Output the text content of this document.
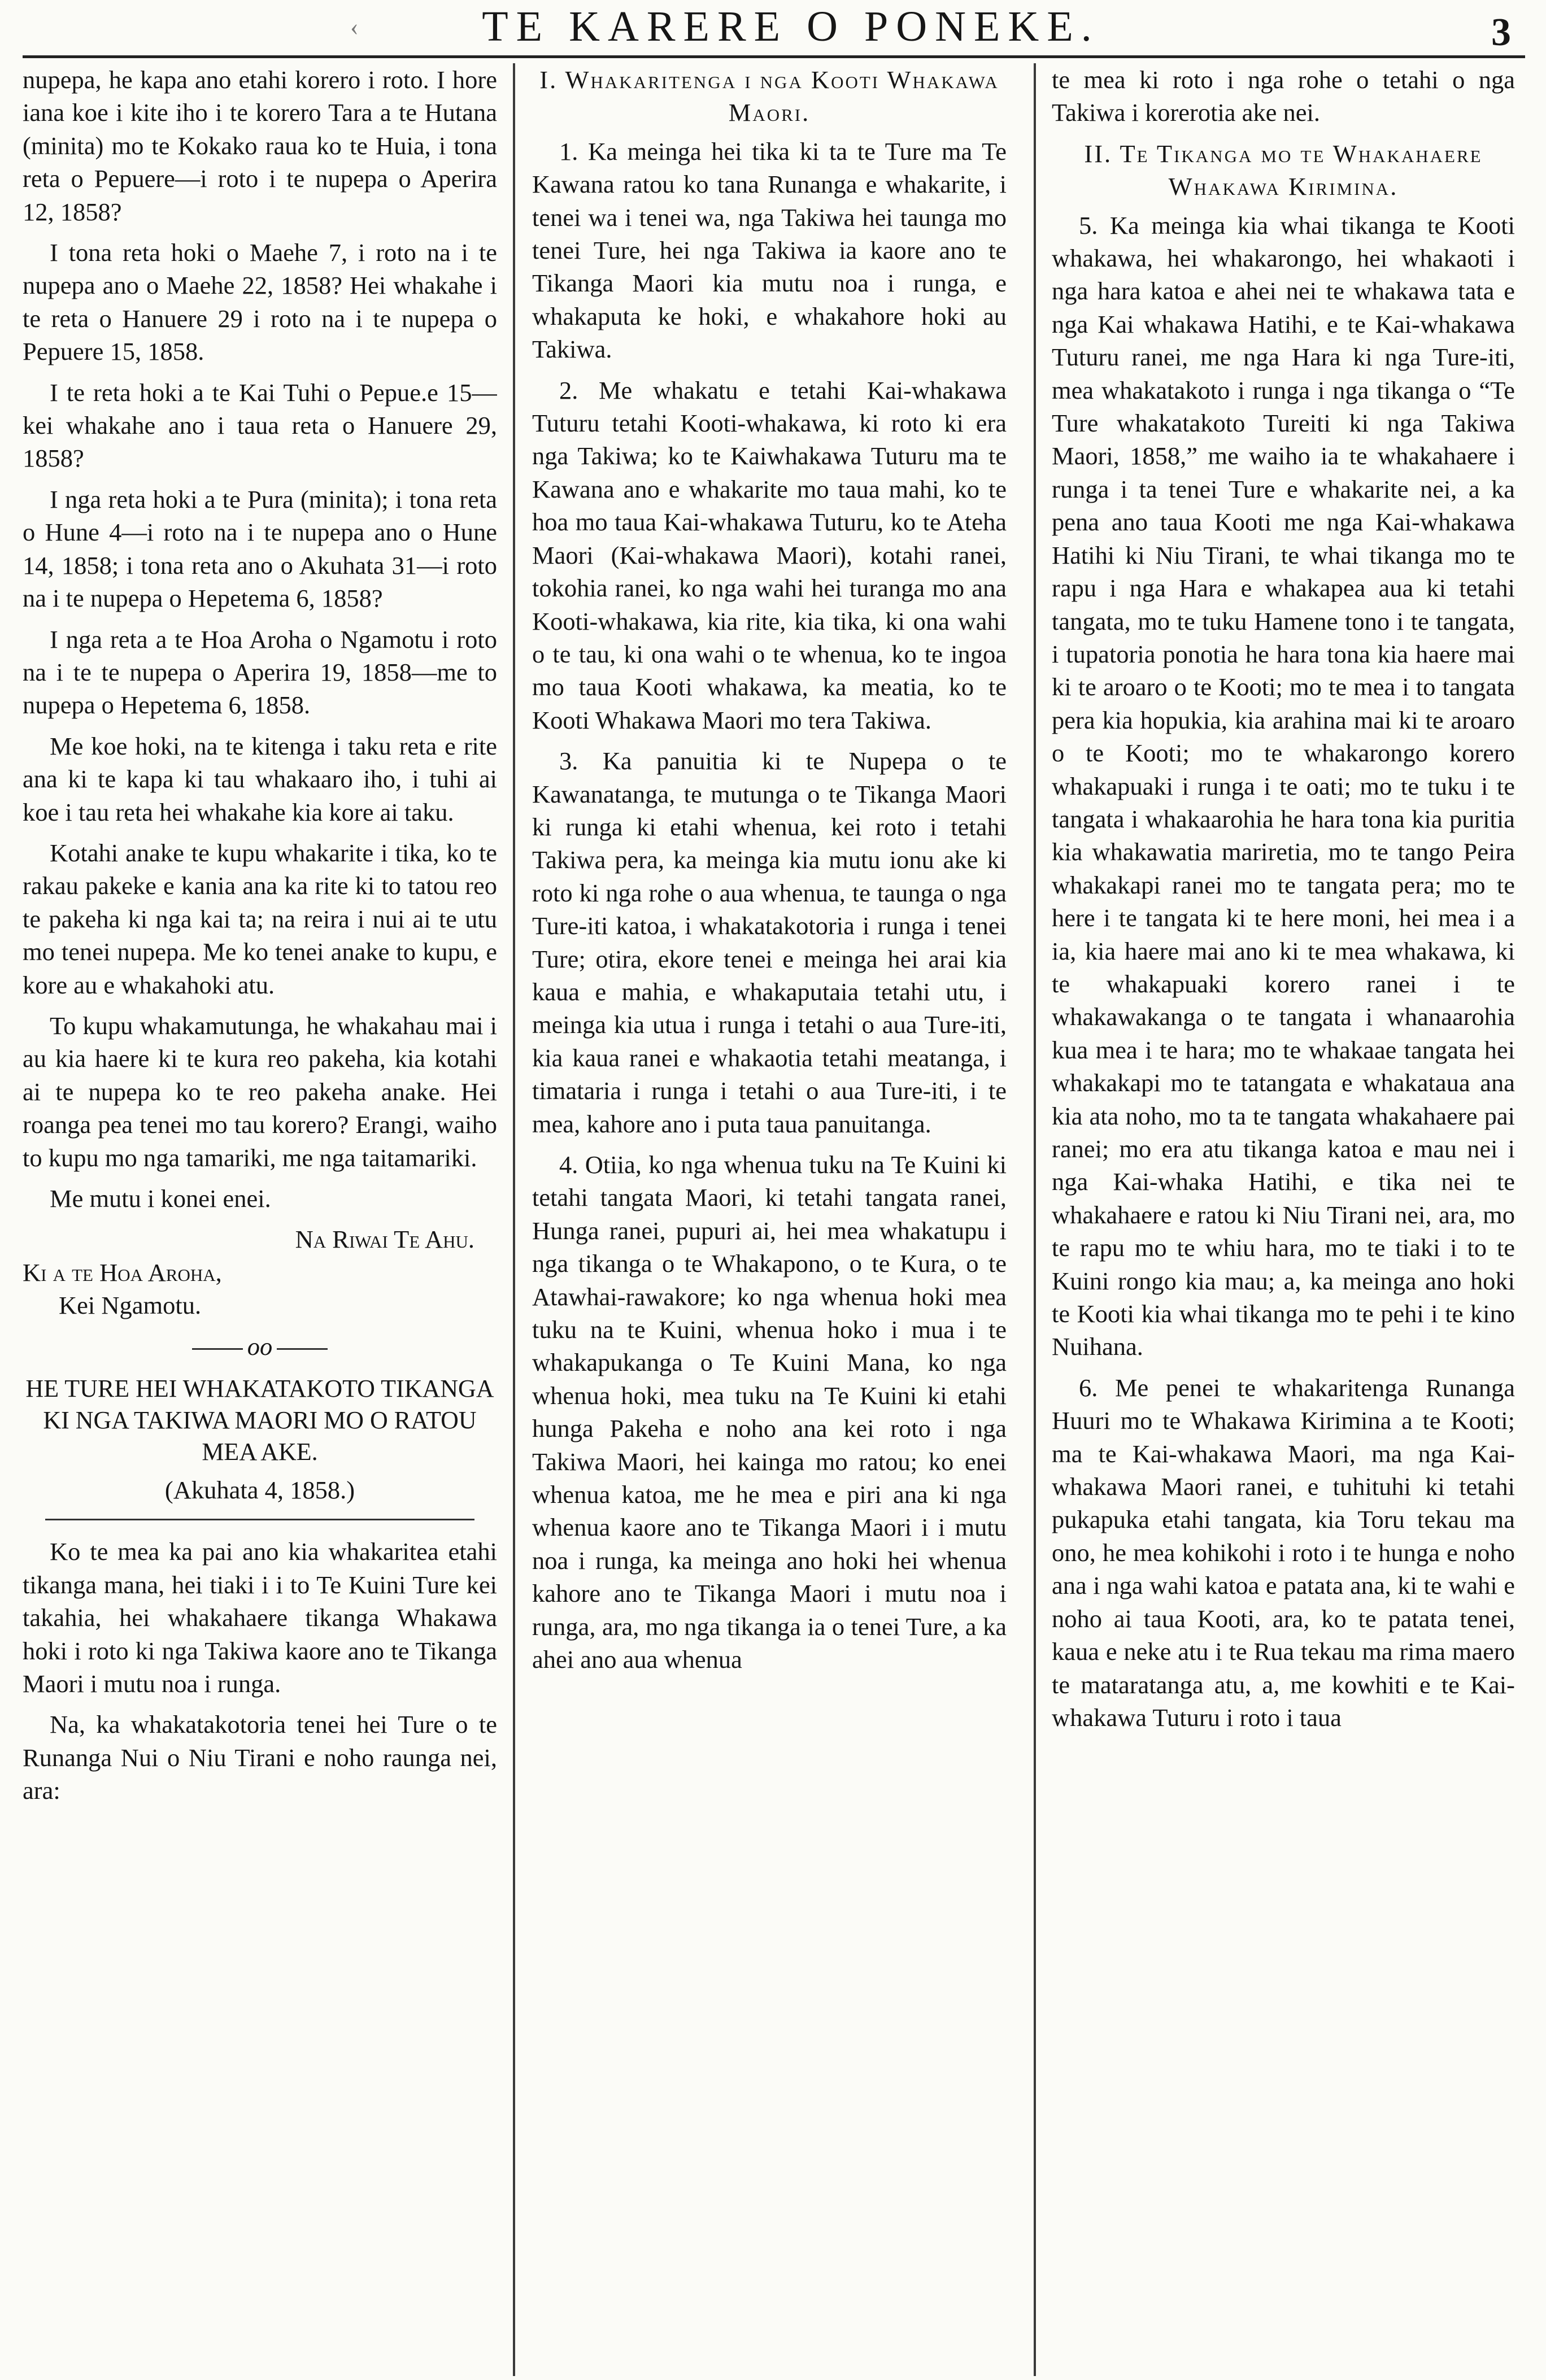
‹	TE KARERE O PONEKE.	3

nupepa, he kapa ano etahi korero i roto. I hore iana koe i kite iho i te korero Tara a te Hutana (minita) mo te Kokako raua ko te Huia, i tona reta o Pepuere—i roto i te nupepa o Aperira 12, 1858?

I tona reta hoki o Maehe 7, i roto na i te nupepa ano o Maehe 22, 1858? Hei whakahe i te reta o Hanuere 29 i roto na i te nupepa o Pepuere 15, 1858.

I te reta hoki a te Kai Tuhi o Pepue.e 15—kei whakahe ano i taua reta o Hanuere 29, 1858?

I nga reta hoki a te Pura (minita); i tona reta o Hune 4—i roto na i te nupepa ano o Hune 14, 1858; i tona reta ano o Akuhata 31—i roto na i te nupepa o Hepetema 6, 1858?

I nga reta a te Hoa Aroha o Ngamotu i roto na i te te nupepa o Aperira 19, 1858—me to nupepa o Hepetema 6, 1858.

Me koe hoki, na te kitenga i taku reta e rite ana ki te kapa ki tau whakaaro iho, i tuhi ai koe i tau reta hei whakahe kia kore ai taku.

Kotahi anake te kupu whakarite i tika, ko te rakau pakeke e kania ana ka rite ki to tatou reo te pakeha ki nga kai ta; na reira i nui ai te utu mo tenei nupepa. Me ko tenei anake to kupu, e kore au e whakahoki atu.

To kupu whakamutunga, he whakahau mai i au kia haere ki te kura reo pakeha, kia kotahi ai te nupepa ko te reo pakeha anake. Hei roanga pea tenei mo tau korero? Erangi, waiho to kupu mo nga tamariki, me nga taitamariki.

Me mutu i konei enei.

Na Riwai Te Ahu.

Ki a te Hoa Aroha,

Kei Ngamotu.

oo

HE TURE HEI WHAKATAKOTO TIKANGA KI NGA TAKIWA MAORI MO O RATOU MEA AKE.

(Akuhata 4, 1858.)

Ko te mea ka pai ano kia whakaritea etahi tikanga mana, hei tiaki i i to Te Kuini Ture kei takahia, hei whakahaere tikanga Whakawa hoki i roto ki nga Takiwa kaore ano te Tikanga Maori i mutu noa i runga.

Na, ka whakatakotoria tenei hei Ture o te Runanga Nui o Niu Tirani e noho raunga nei, ara:

I. Whakaritenga i nga Kooti Whakawa Maori.

1. Ka meinga hei tika ki ta te Ture ma Te Kawana ratou ko tana Runanga e whakarite, i tenei wa i tenei wa, nga Takiwa hei taunga mo tenei Ture, hei nga Takiwa ia kaore ano te Tikanga Maori kia mutu noa i runga, e whakaputa ke hoki, e whakahore hoki au Takiwa.

2. Me whakatu e tetahi Kai-whakawa Tuturu tetahi Kooti-whakawa, ki roto ki era nga Takiwa; ko te Kaiwhakawa Tuturu ma te Kawana ano e whakarite mo taua mahi, ko te hoa mo taua Kai-whakawa Tuturu, ko te Ateha Maori (Kai-whakawa Maori), kotahi ranei, tokohia ranei, ko nga wahi hei turanga mo ana Kooti-whakawa, kia rite, kia tika, ki ona wahi o te tau, ki ona wahi o te whenua, ko te ingoa mo taua Kooti whakawa, ka meatia, ko te Kooti Whakawa Maori mo tera Takiwa.

3. Ka panuitia ki te Nupepa o te Kawanatanga, te mutunga o te Tikanga Maori ki runga ki etahi whenua, kei roto i tetahi Takiwa pera, ka meinga kia mutu ionu ake ki roto ki nga rohe o aua whenua, te taunga o nga Ture-iti katoa, i whakatakotoria i runga i tenei Ture; otira, ekore tenei e meinga hei arai kia kaua e mahia, e whakaputaia tetahi utu, i meinga kia utua i runga i tetahi o aua Ture-iti, kia kaua ranei e whakaotia tetahi meatanga, i timataria i runga i tetahi o aua Ture-iti, i te mea, kahore ano i puta taua panuitanga.

4. Otiia, ko nga whenua tuku na Te Kuini ki tetahi tangata Maori, ki tetahi tangata ranei, Hunga ranei, pupuri ai, hei mea whakatupu i nga tikanga o te Whakapono, o te Kura, o te Atawhai-rawakore; ko nga whenua hoki mea tuku na te Kuini, whenua hoko i mua i te whakapukanga o Te Kuini Mana, ko nga whenua hoki, mea tuku na Te Kuini ki etahi hunga Pakeha e noho ana kei roto i nga Takiwa Maori, hei kainga mo ratou; ko enei whenua katoa, me he mea e piri ana ki nga whenua kaore ano te Tikanga Maori i i mutu noa i runga, ka meinga ano hoki hei whenua kahore ano te Tikanga Maori i mutu noa i runga, ara, mo nga tikanga ia o tenei Ture, a ka ahei ano aua whenua

te mea ki roto i nga rohe o tetahi o nga Takiwa i korerotia ake nei.

II. Te Tikanga mo te Whakahaere Whakawa Kirimina.

5. Ka meinga kia whai tikanga te Kooti whakawa, hei whakarongo, hei whakaoti i nga hara katoa e ahei nei te whakawa tata e nga Kai whakawa Hatihi, e te Kai-whakawa Tuturu ranei, me nga Hara ki nga Ture-iti, mea whakatakoto i runga i nga tikanga o “Te Ture whakatakoto Tureiti ki nga Takiwa Maori, 1858,” me waiho ia te whakahaere i runga i ta tenei Ture e whakarite nei, a ka pena ano taua Kooti me nga Kai-whakawa Hatihi ki Niu Tirani, te whai tikanga mo te rapu i nga Hara e whakapea aua ki tetahi tangata, mo te tuku Hamene tono i te tangata, i tupatoria ponotia he hara tona kia haere mai ki te aroaro o te Kooti; mo te mea i to tangata pera kia hopukia, kia arahina mai ki te aroaro o te Kooti; mo te whakarongo korero whakapuaki i runga i te oati; mo te tuku i te tangata i whakaarohia he hara tona kia puritia kia whakawatia mariretia, mo te tango Peira whakakapi ranei mo te tangata pera; mo te here i te tangata ki te here moni, hei mea i a ia, kia haere mai ano ki te mea whakawa, ki te whakapuaki korero ranei i te whakawakanga o te tangata i whanaarohia kua mea i te hara; mo te whakaae tangata hei whakakapi mo te tatangata e whakataua ana kia ata noho, mo ta te tangata whakahaere pai ranei; mo era atu tikanga katoa e mau nei i nga Kai-whaka Hatihi, e tika nei te whakahaere e ratou ki Niu Tirani nei, ara, mo te rapu mo te whiu hara, mo te tiaki i to te Kuini rongo kia mau; a, ka meinga ano hoki te Kooti kia whai tikanga mo te pehi i te kino Nuihana.

6. Me penei te whakaritenga Runanga Huuri mo te Whakawa Kirimina a te Kooti; ma te Kai-whakawa Maori, ma nga Kai-whakawa Maori ranei, e tuhituhi ki tetahi pukapuka etahi tangata, kia Toru tekau ma ono, he mea kohikohi i roto i te hunga e noho ana i nga wahi katoa e patata ana, ki te wahi e noho ai taua Kooti, ara, ko te patata tenei, kaua e neke atu i te Rua tekau ma rima maero te mataratanga atu, a, me kowhiti e te Kai-whakawa Tuturu i roto i taua
